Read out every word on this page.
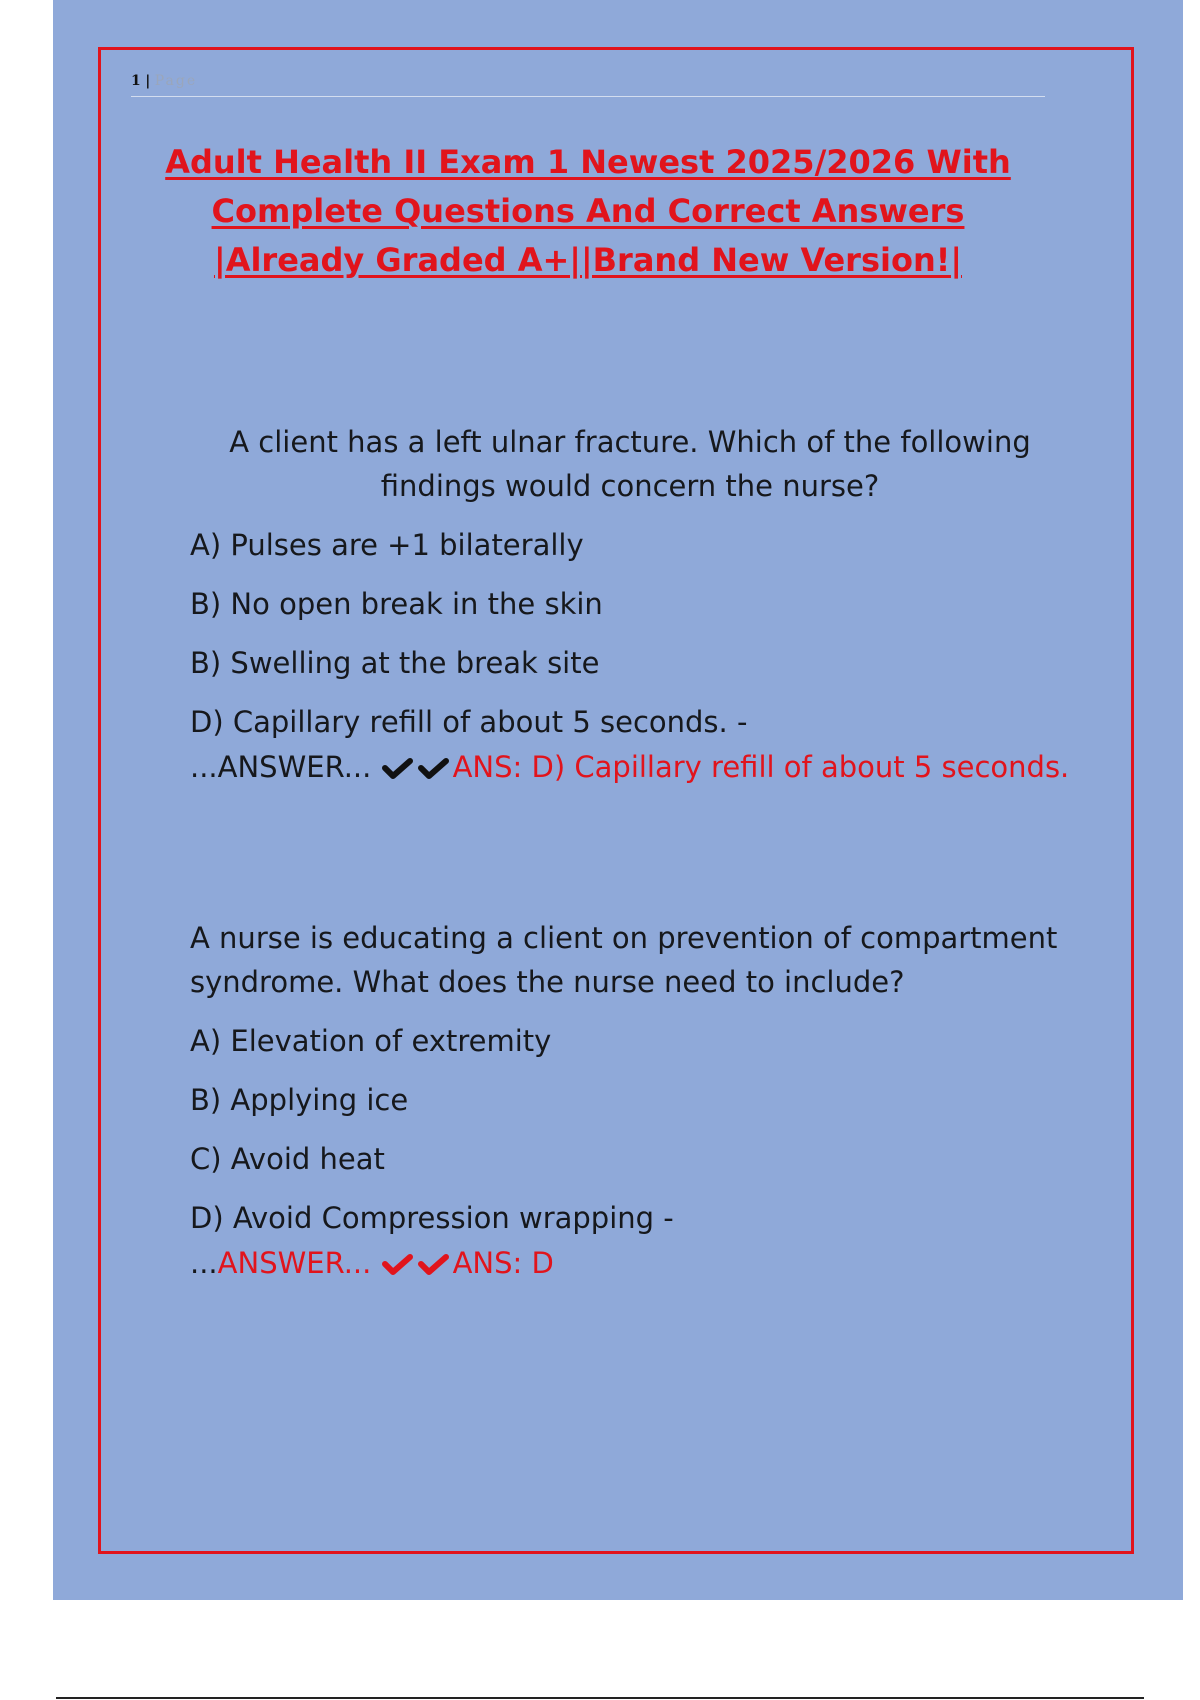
1 | Page
Adult Health II Exam 1 Newest 2025/2026 With
Complete Questions And Correct Answers
|Already Graded A+||Brand New Version!|
A client has a left ulnar fracture. Which of the following findings would concern the nurse?
A) Pulses are +1 bilaterally
B) No open break in the skin
B) Swelling at the break site
D) Capillary refill of about 5 seconds. -
...ANSWER...	ANS: D) Capillary refill of about 5 seconds.
A nurse is educating a client on prevention of compartment syndrome. What does the nurse need to include?
A) Elevation of extremity
B) Applying ice
C) Avoid heat
D) Avoid Compression wrapping -
...ANSWER...	ANS: D
